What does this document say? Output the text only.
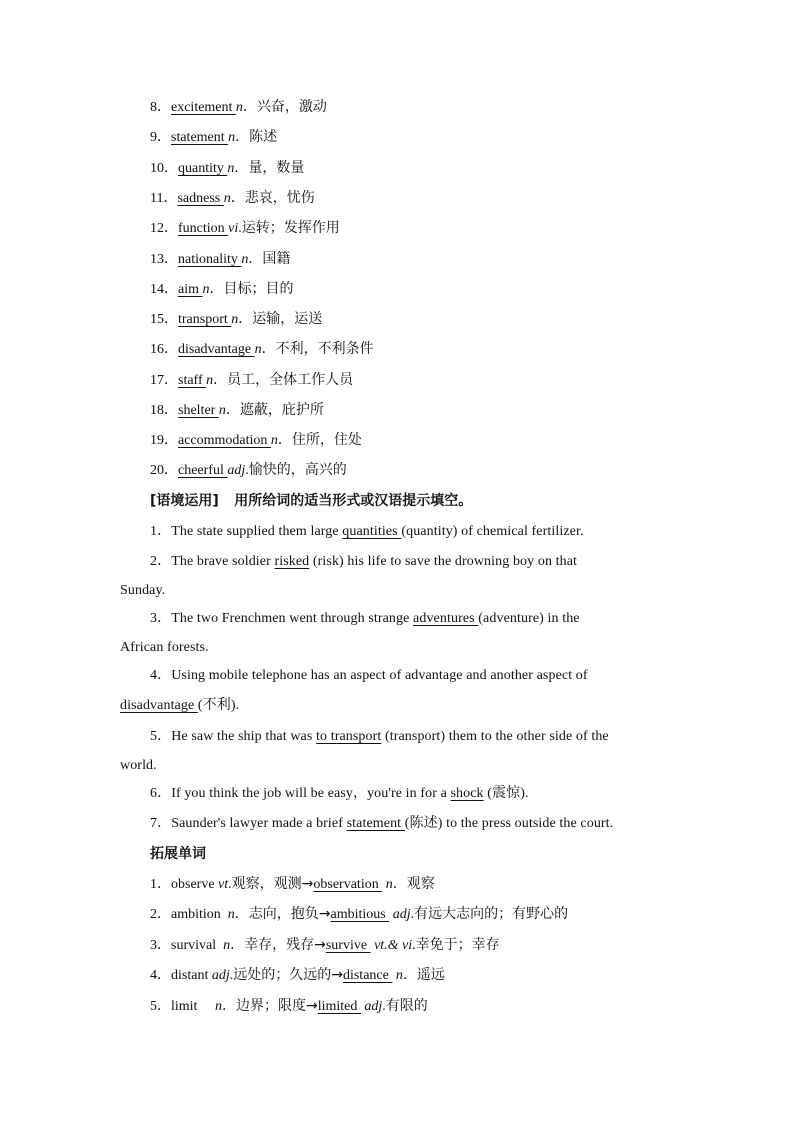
8．excitement n．兴奋，激动
9．statement n．陈述
10．quantity n．量，数量
11．sadness n．悲哀，忧伤
12．function vi.运转；发挥作用
13．nationality n．国籍
14．aim n．目标；目的
15．transport n．运输，运送
16．disadvantage n．不利，不利条件
17．staff n．员工，全体工作人员
18．shelter n．遮蔽，庇护所
19．accommodation n．住所，住处
20．cheerful adj.愉快的，高兴的
[语境运用] 用所给词的适当形式或汉语提示填空。
1．The state supplied them large quantities (quantity) of chemical fertilizer.
2．The brave soldier risked (risk) his life to save the drowning boy on that
Sunday.
3．The two Frenchmen went through strange adventures (adventure) in the
African forests.
4．Using mobile telephone has an aspect of advantage and another aspect of
disadvantage (不利).
5．He saw the ship that was to transport (transport) them to the other side of the
world.
6．If you think the job will be easy，you're in for a shock (震惊).
7．Saunder's lawyer made a brief statement (陈述) to the press outside the court.
拓展单词
1．observe vt.观察，观测→observation  n．观察
2．ambition  n．志向，抱负→ambitious  adj.有远大志向的；有野心的
3．survival  n．幸存，残存→survive  vt.& vi.幸免于；幸存
4．distant adj.远处的；久远的→distance  n．遥远
5．limit     n．边界；限度→limited  adj.有限的
